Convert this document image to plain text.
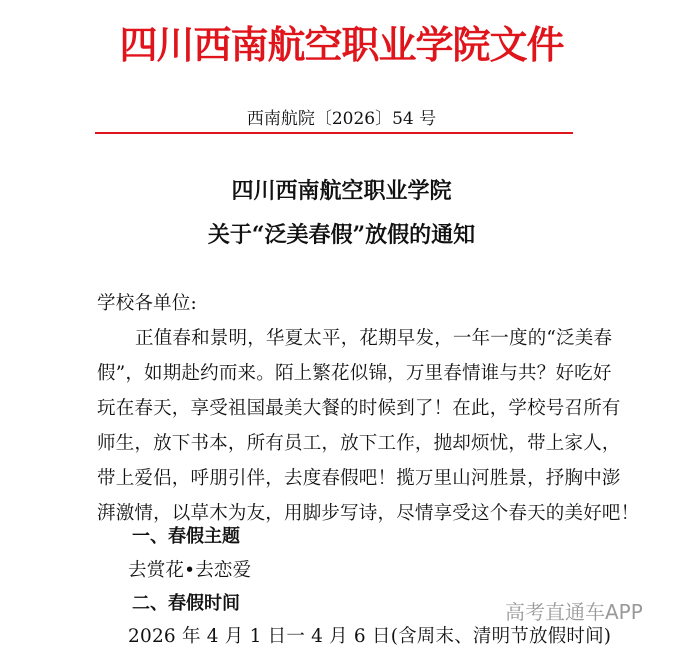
四川西南航空职业学院文件
西南航院〔2026〕54 号
四川西南航空职业学院
关于“泛美春假”放假的通知
学校各单位:
正值春和景明，华夏太平，花期早发，一年一度的“泛美春
假”，如期赴约而来。陌上繁花似锦，万里春情谁与共？好吃好
玩在春天，享受祖国最美大餐的时候到了！在此，学校号召所有
师生，放下书本，所有员工，放下工作，抛却烦忧，带上家人，
带上爱侣，呼朋引伴，去度春假吧！揽万里山河胜景，抒胸中澎
湃激情，以草木为友，用脚步写诗，尽情享受这个春天的美好吧！
一、春假主题
去赏花•去恋爱
二、春假时间
2026 年 4 月 1 日一 4 月 6 日(含周末、清明节放假时间)
高考直通车APP
